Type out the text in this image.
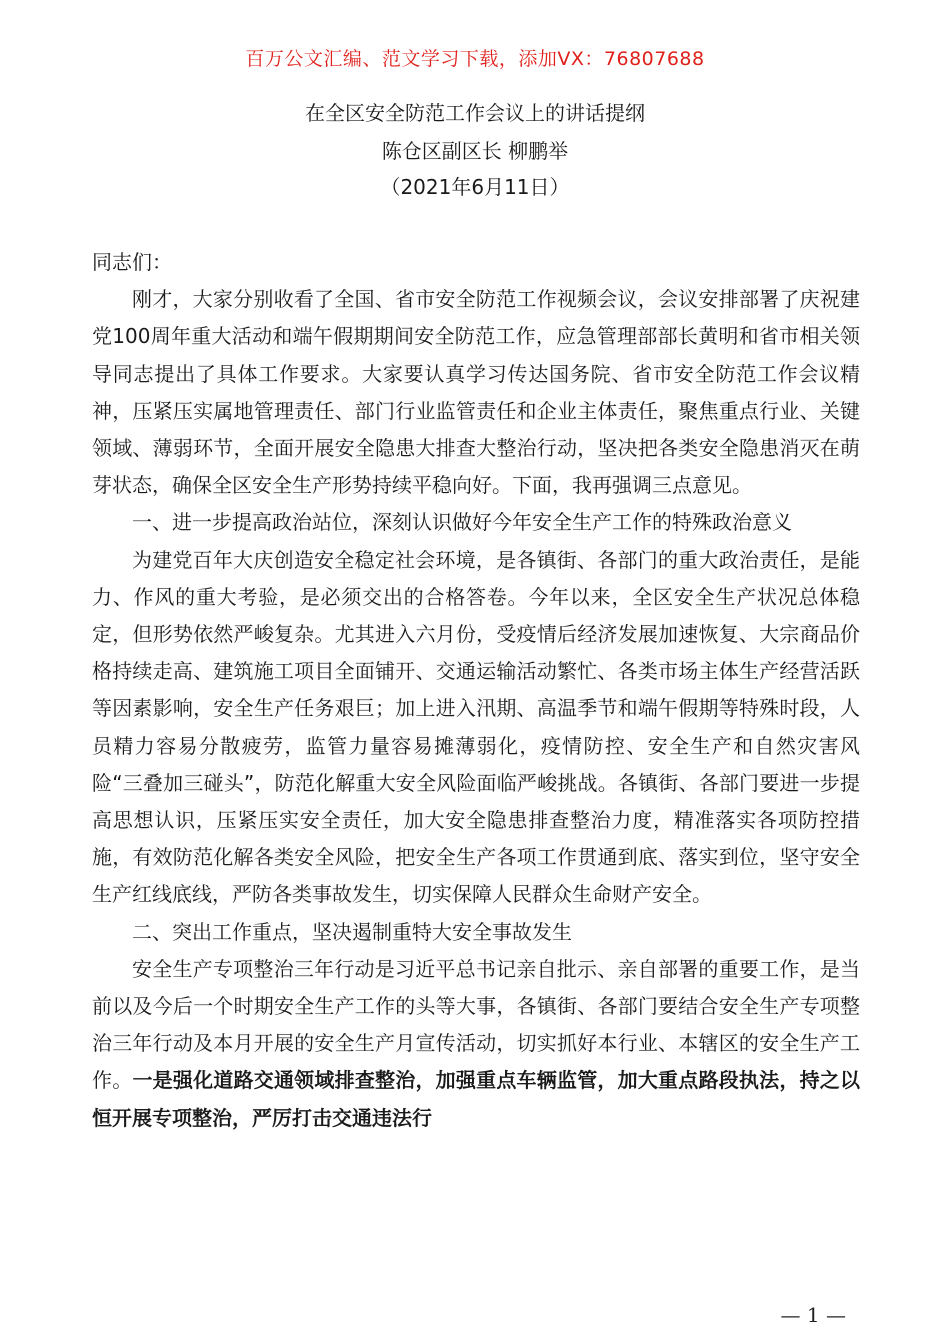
百万公文汇编、范文学习下载，添加VX：76807688
在全区安全防范工作会议上的讲话提纲
陈仓区副区长 柳鹏举
（2021年6月11日）

同志们：

刚才，大家分别收看了全国、省市安全防范工作视频会议，会议安排部署了庆祝建党100周年重大活动和端午假期期间安全防范工作，应急管理部部长黄明和省市相关领导同志提出了具体工作要求。大家要认真学习传达国务院、省市安全防范工作会议精神，压紧压实属地管理责任、部门行业监管责任和企业主体责任，聚焦重点行业、关键领域、薄弱环节，全面开展安全隐患大排查大整治行动，坚决把各类安全隐患消灭在萌芽状态，确保全区安全生产形势持续平稳向好。下面，我再强调三点意见。

一、进一步提高政治站位，深刻认识做好今年安全生产工作的特殊政治意义

为建党百年大庆创造安全稳定社会环境，是各镇街、各部门的重大政治责任，是能力、作风的重大考验，是必须交出的合格答卷。今年以来，全区安全生产状况总体稳定，但形势依然严峻复杂。尤其进入六月份，受疫情后经济发展加速恢复、大宗商品价格持续走高、建筑施工项目全面铺开、交通运输活动繁忙、各类市场主体生产经营活跃等因素影响，安全生产任务艰巨；加上进入汛期、高温季节和端午假期等特殊时段，人员精力容易分散疲劳，监管力量容易摊薄弱化，疫情防控、安全生产和自然灾害风险“三叠加三碰头”，防范化解重大安全风险面临严峻挑战。各镇街、各部门要进一步提高思想认识，压紧压实安全责任，加大安全隐患排查整治力度，精准落实各项防控措施，有效防范化解各类安全风险，把安全生产各项工作贯通到底、落实到位，坚守安全生产红线底线，严防各类事故发生，切实保障人民群众生命财产安全。

二、突出工作重点，坚决遏制重特大安全事故发生

安全生产专项整治三年行动是习近平总书记亲自批示、亲自部署的重要工作，是当前以及今后一个时期安全生产工作的头等大事，各镇街、各部门要结合安全生产专项整治三年行动及本月开展的安全生产月宣传活动，切实抓好本行业、本辖区的安全生产工作。一是强化道路交通领域排查整治，加强重点车辆监管，加大重点路段执法，持之以恒开展专项整治，严厉打击交通违法行

— 1 —
